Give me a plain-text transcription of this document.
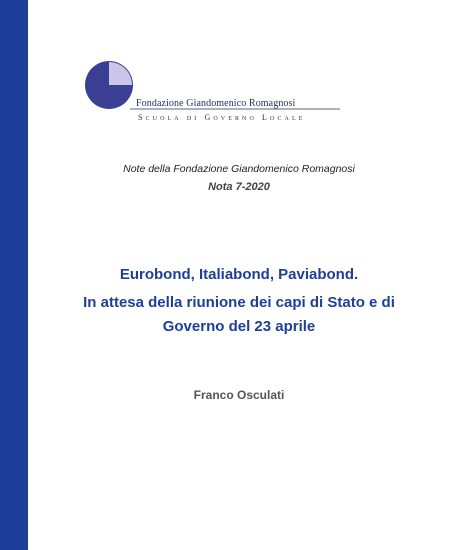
Fondazione Giandomenico Romagnosi
Scuola di Governo Locale
Note della Fondazione Giandomenico Romagnosi
Nota 7-2020
Eurobond, Italiabond, Paviabond.
In attesa della riunione dei capi di Stato e di
Governo del 23 aprile
Franco Osculati
